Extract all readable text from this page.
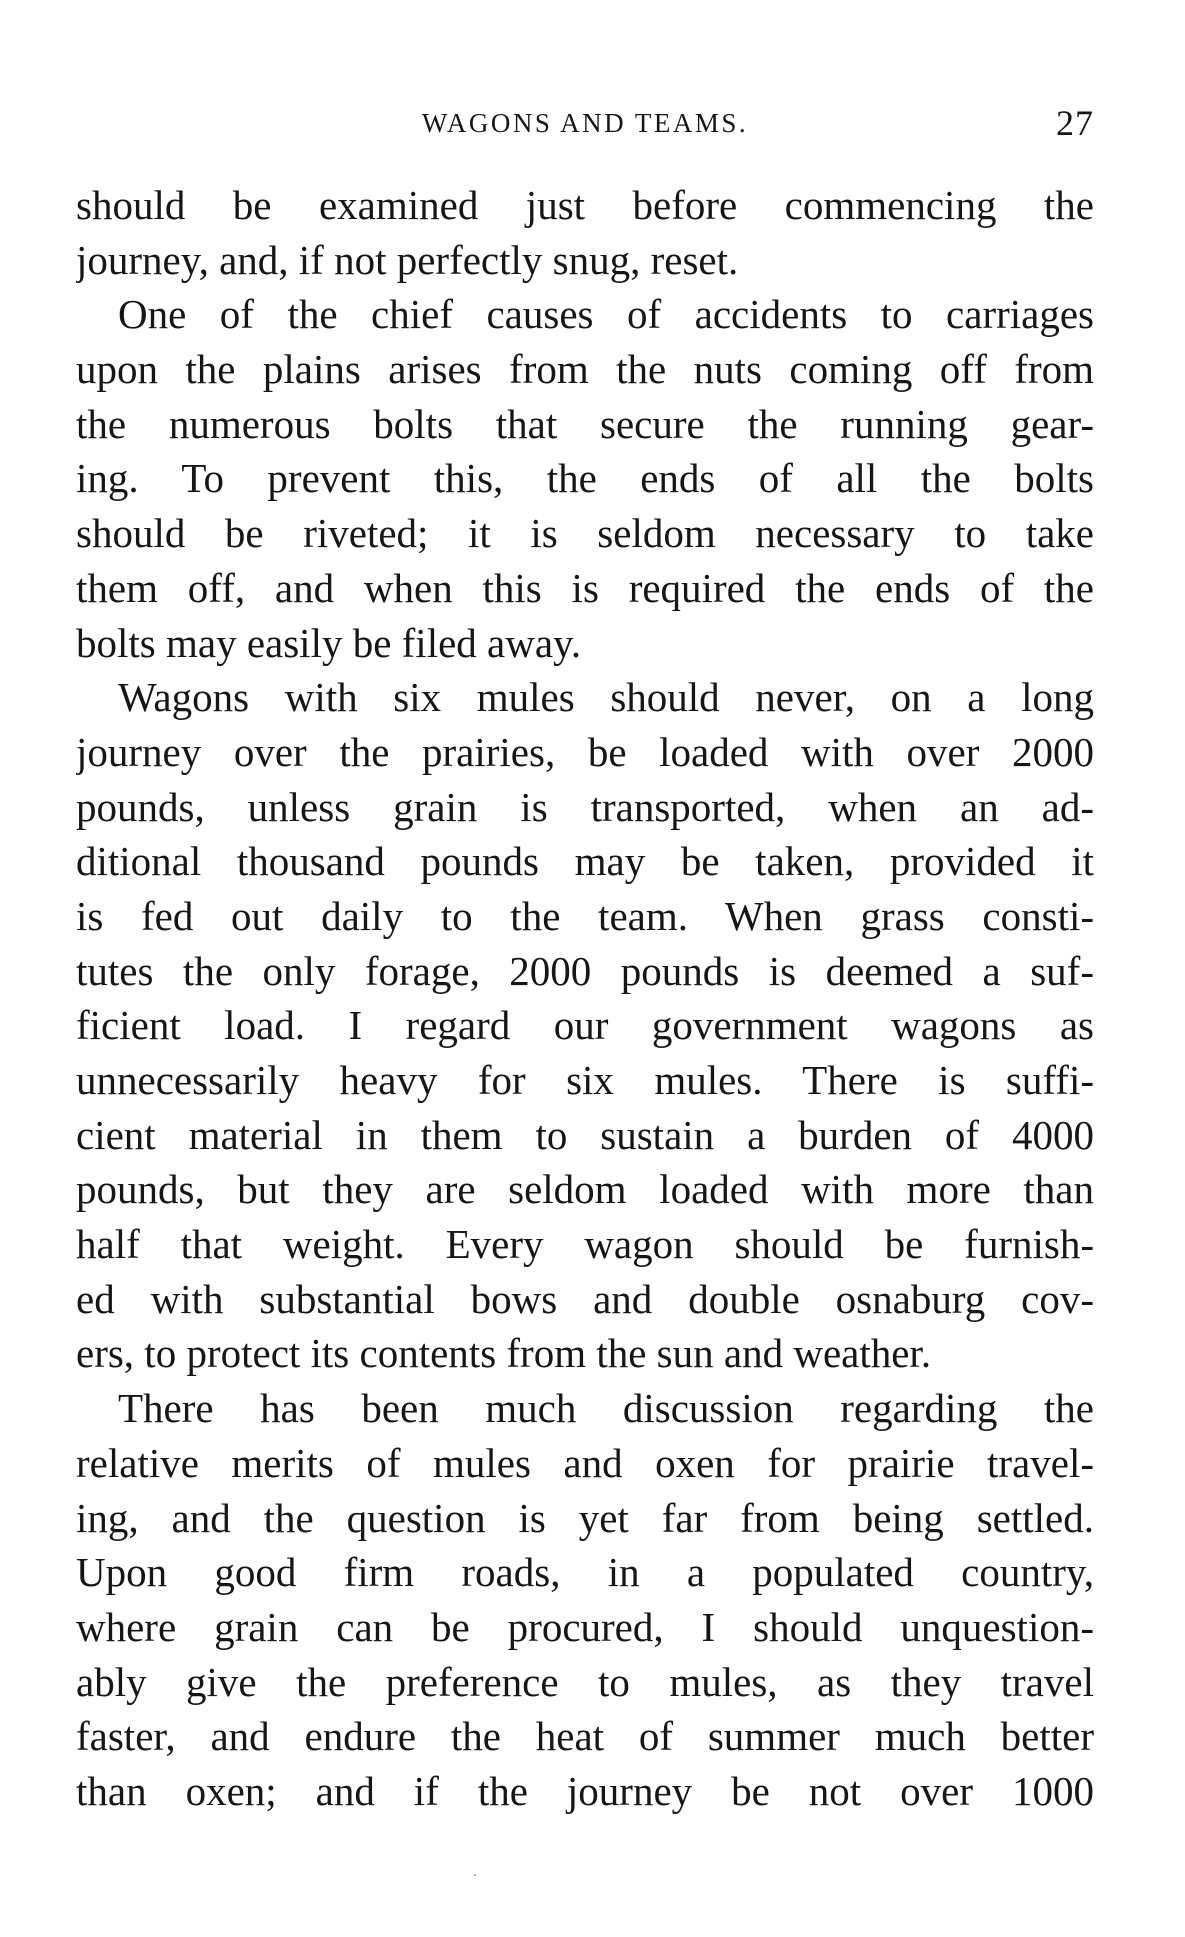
WAGONS AND TEAMS.	27
should be examined just before commencing the
journey, and, if not perfectly snug, reset.
One of the chief causes of accidents to carriages
upon the plains arises from the nuts coming off from
the numerous bolts that secure the running gear-
ing. To prevent this, the ends of all the bolts
should be riveted; it is seldom necessary to take
them off, and when this is required the ends of the
bolts may easily be filed away.
Wagons with six mules should never, on a long
journey over the prairies, be loaded with over 2000
pounds, unless grain is transported, when an ad-
ditional thousand pounds may be taken, provided it
is fed out daily to the team. When grass consti-
tutes the only forage, 2000 pounds is deemed a suf-
ficient load. I regard our government wagons as
unnecessarily heavy for six mules. There is suffi-
cient material in them to sustain a burden of 4000
pounds, but they are seldom loaded with more than
half that weight. Every wagon should be furnish-
ed with substantial bows and double osnaburg cov-
ers, to protect its contents from the sun and weather.
There has been much discussion regarding the
relative merits of mules and oxen for prairie travel-
ing, and the question is yet far from being settled.
Upon good firm roads, in a populated country,
where grain can be procured, I should unquestion-
ably give the preference to mules, as they travel
faster, and endure the heat of summer much better
than oxen; and if the journey be not over 1000
